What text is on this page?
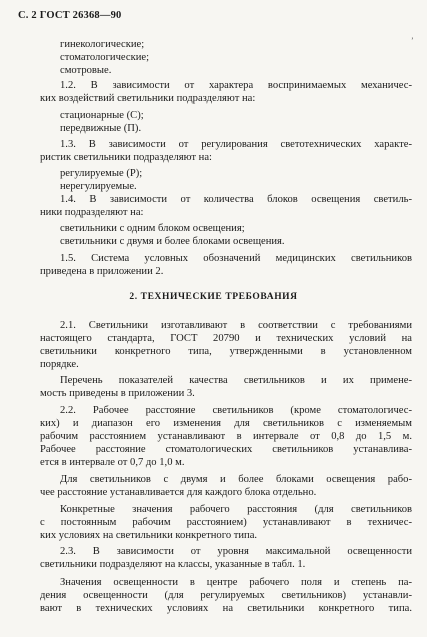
С. 2 ГОСТ 26368—90
ʼ
гинекологические;
стоматологические;
смотровые.
1.2. В зависимости от характера воспринимаемых механичес-
ких воздействий светильники подразделяют на:
стационарные (С);
передвижные (П).
1.3. В зависимости от регулирования светотехнических характе-
ристик светильники подразделяют на:
регулируемые (Р);
нерегулируемые.
1.4. В зависимости от количества блоков освещения светиль-
ники подразделяют на:
светильники с одним блоком освещения;
светильники с двумя и более блоками освещения.
1.5. Система условных обозначений медицинских светильников
приведена в приложении 2.
2. ТЕХНИЧЕСКИЕ ТРЕБОВАНИЯ
2.1. Светильники изготавливают в соответствии с требованиями
настоящего стандарта, ГОСТ 20790 и технических условий на
светильники конкретного типа, утвержденными в установленном
порядке.
Перечень показателей качества светильников и их примене-
мость приведены в приложении 3.
2.2. Рабочее расстояние светильников (кроме стоматологичес-
ких) и диапазон его изменения для светильников с изменяемым
рабочим расстоянием устанавливают в интервале от 0,8 до 1,5 м.
Рабочее расстояние стоматологических светильников устанавлива-
ется в интервале от 0,7 до 1,0 м.
Для светильников с двумя и более блоками освещения рабо-
чее расстояние устанавливается для каждого блока отдельно.
Конкретные значения рабочего расстояния (для светильников
с постоянным рабочим расстоянием) устанавливают в техничес-
ких условиях на светильники конкретного типа.
2.3. В зависимости от уровня максимальной освещенности
светильники подразделяют на классы, указанные в табл. 1.
Значения освещенности в центре рабочего поля и степень па-
дения освещенности (для регулируемых светильников) устанавли-
вают в технических условиях на светильники конкретного типа.
